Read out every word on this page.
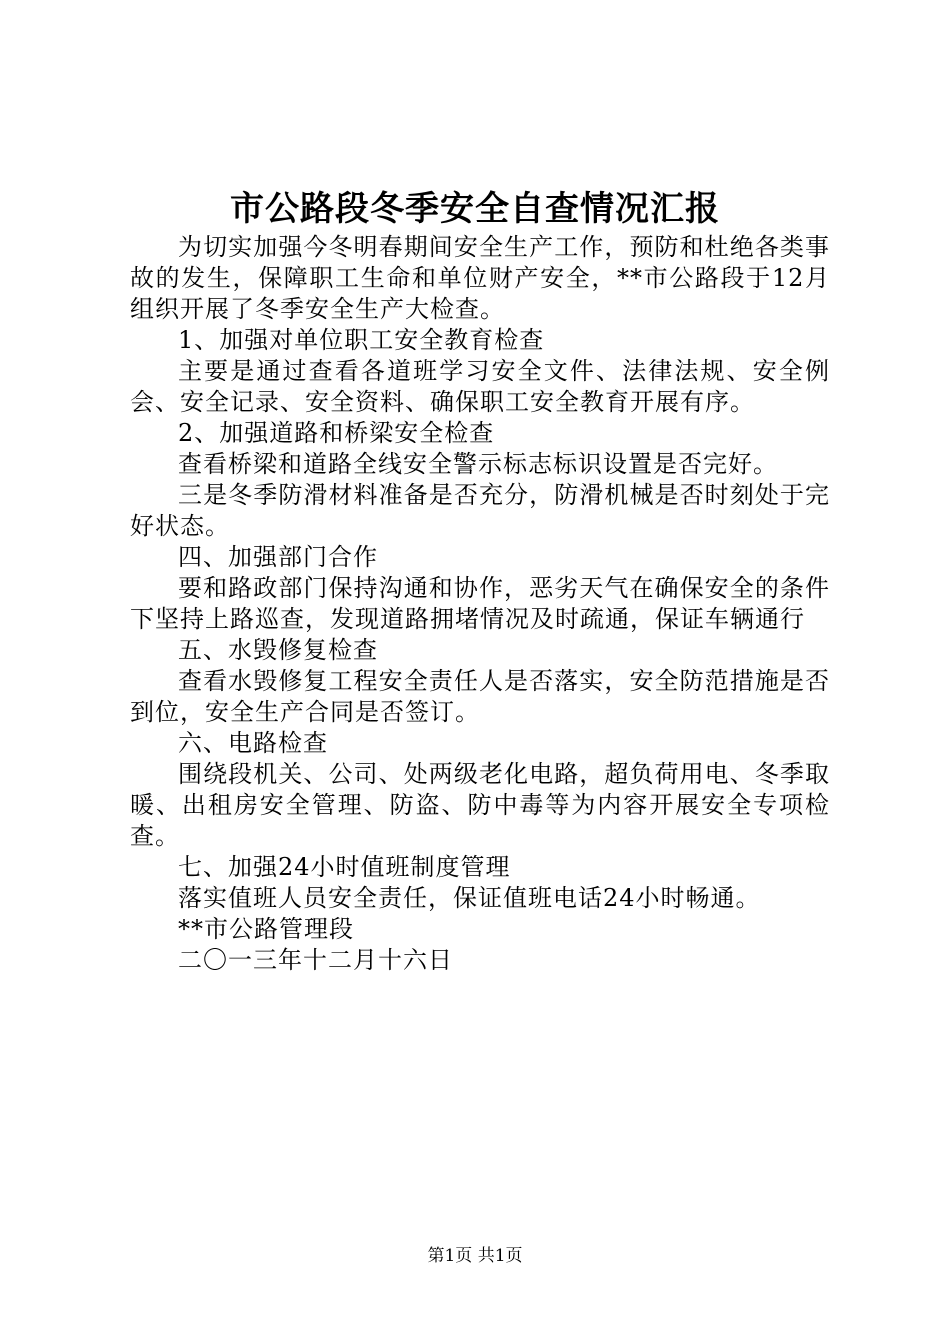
市公路段冬季安全自查情况汇报

为切实加强今冬明春期间安全生产工作，预防和杜绝各类事故的发生，保障职工生命和单位财产安全，**市公路段于12月组织开展了冬季安全生产大检查。

1、加强对单位职工安全教育检查

主要是通过查看各道班学习安全文件、法律法规、安全例会、安全记录、安全资料、确保职工安全教育开展有序。

2、加强道路和桥梁安全检查

查看桥梁和道路全线安全警示标志标识设置是否完好。

三是冬季防滑材料准备是否充分，防滑机械是否时刻处于完好状态。

四、加强部门合作

要和路政部门保持沟通和协作，恶劣天气在确保安全的条件下坚持上路巡查，发现道路拥堵情况及时疏通，保证车辆通行

五、水毁修复检查

查看水毁修复工程安全责任人是否落实，安全防范措施是否到位，安全生产合同是否签订。

六、电路检查

围绕段机关、公司、处两级老化电路，超负荷用电、冬季取暖、出租房安全管理、防盗、防中毒等为内容开展安全专项检查。

七、加强24小时值班制度管理

落实值班人员安全责任，保证值班电话24小时畅通。

**市公路管理段

二〇一三年十二月十六日

第1页 共1页
